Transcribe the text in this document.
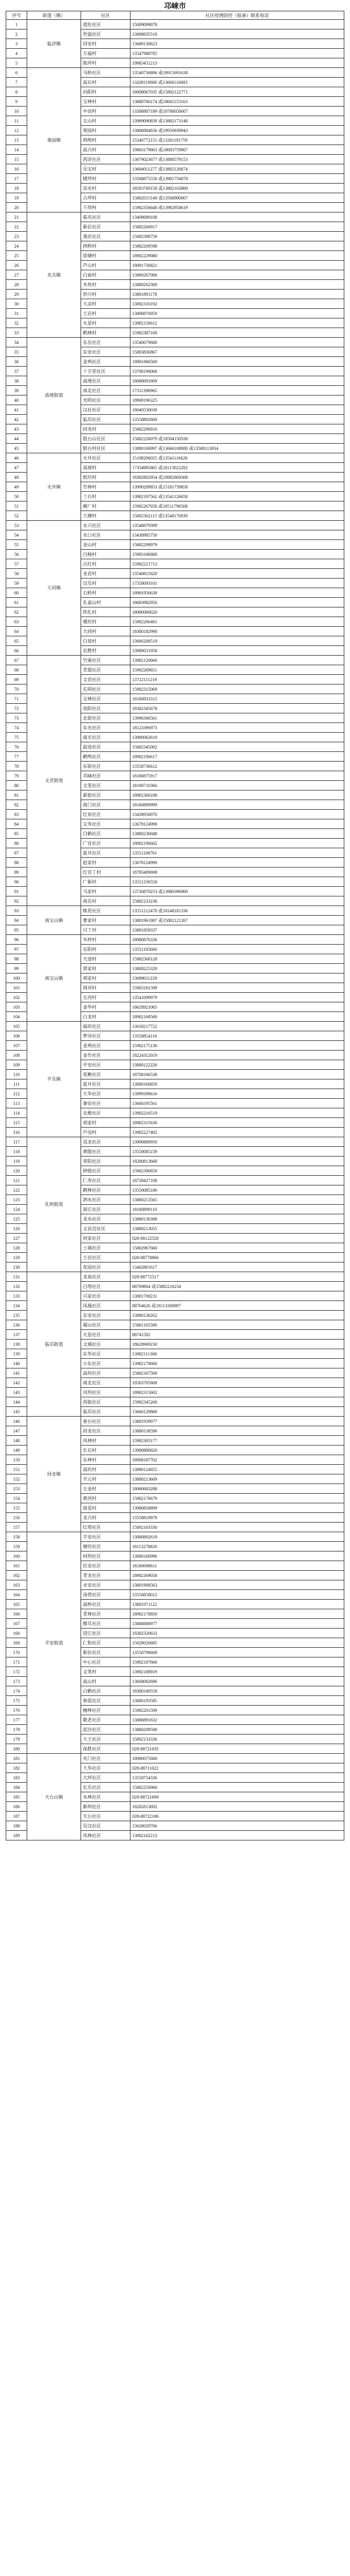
邛崃市
序号	街道（镇）	社区	社区疫情防控（报备）联系电话
1	临济镇	道佐社区	15009099878
2		世温社区	13688835518
3		回安村	13689130623
4		万福村	13547988785
5		陈坪村	19983451213
6	桑园镇	马桥社区	13540736896 或19915691638
7		高石村	13208119000 或13666116003
8		向阳村	18008067035 或15882122771
9		宝林村	13880760174 或18681153163
10		中田村	13388807189 或18780050007
11		太山村	13989090839 或13882173148
12		果园村	13880884836 或19950939943
13		鸡鸣村	15340772151 或13281181759
14		高兴村	19883179863 或18683759867
15		西浒社区	13679023677 或13880579153
16		乐宝村	13684011277 或13882126874
17		楼坪村	13568875558 或13981756878
18		凉水村	18583769158 或13882103869
19		古坪村	15882015148 或13568900007
20		干坝村	15982356648 或13982958619
21	夹关镇	临夹社区	13408689108
22		新民社区	15882266917
23		龚店社区	15982398759
24		拱桥村	15882209598
25		徐塘村	18982229080
26		芦山村	18981736821
27		白庙村	13880267006
28		木鱼村	13880262369
29		洪川村	13881891178
30		大凉村	13882316192
31		王店村	13890876959
32		火星村	13982156612
33		鹤林村	15982387168
34	高埂街道	东岳社区	13540679680
35		东安社区	15883836867
36		金鸡社区	18981866569
37		十方堂社区	13708190068
38		高埂社区	18088091809
39		南北社区	17311396965
40		光明社区	18908196325
41		汉社社区	18040530039
42		临邛社区	13558802800
43		回龙村	15882296916
44		银台山社区	15882226079 或18584150338
45		银台村社区	13880106997 或13666108888 或13588113934
46	火井镇	火井社区	15198206025 或13541116620
47		高坡村	17354985865 或18113022282
48		纸坊村	18382802954 或18982869368
49		竹林村	13990289853 或15181739858
50		兰石村	13982197562 或13541126658
51		碗厂村	15982267658 或18511796568
52		大塘村	15882362115 或13548170939
53	大同镇	永兴社区	13548879399
54		水口社区	13438905750
55		金山村	15882298979
56		白杨村	15983186888
57		古红村	15982221713
58		龙君村	13540815629
59		汉乐村	17358093101
60		石桥村	18981956639
61		孔雀山村	18683982950
62		铁扎村	18980066620
63		堰坎村	15982266481
64		大同村	18380182990
65		白泉村	13666208519
66		农胜村	13989031958
67	文君街道	竹溪社区	13982120666
68		青霞社区	15982269651
69		文君社区	13722111219
70		孔明社区	15982315069
71		宝林社区	18180833315
72		泉阳社区	18382345678
73		北街社区	13996386561
74		东光社区	18123396973
75		南光社区	13980062619
76		前进社区	15882345082
77		鹤鸣社区	18982196617
78		东街社区	13558736612
79		邛崃社区	18180875917
80		文笔社区	18190710366
81		新街社区	18982366108
82		南门社区	18180889999
83		红泉社区	13438956970
84		宝寿社区	13678124998
85		白鹤社区	13880230688
86		广宜社区	18982196682
87		盐井社区	13551106761
88		赵家村	13678124998
89		红官丁村	18783489698
90		广新村	13551236558
91		马家村	13730870253 或13980396969
92		南岳村	15882133238
93	南宝山镇	桃花社区	13551212478 或18148181336
94		曹家村	13881961987 或15882121267
95		川丁村	13881858337
96	南宝山镇	木梓村	18980876336
97		东阳村	13551185660
98		天池村	15982568128
99		贾家村	13808225329
100		胡家村	13689011229
101		周河村	15983181599
102		五河村	13541099979
103		金华村	18628921065
104		白龙村	18982168569
105	平乐镇	福田社区	13018217722
106		梦河社区	13558854116
107		金鸡社区	15982175136
108		金竹社区	18224312019
109		平安社区	13880122226
110		花楸社区	18708166538
111		盐井社区	13880160859
112		大华社区	13999399616
113		秦安社区	13668195561
114		北极社区	13982216519
115		胡家村	18982315636
116		芦沟村	13982227402
117	孔明街道	双龙社区	13990889950
118		黄陵社区	13550085159
119		晋阳社区	18280813668
120		钟鼓社区	15982396859
121		仁寿社区	18728427108
122		鹤林社区	13550085186
123		泗水社区	13880213565
124		洞丘社区	18180899110
125		龙水社区	13880130398
126		文昌宫社区	13880213055
127		何家社区	028-88122520
128		土城社区	15882967660
129		王店社区	028-88778866
130		花园社区	13402861617
131	临邛街道	龙泉社区	028-88772517
132		白塔社区	88709864 或15882216234
133		兴家社区	13881708231
134		凤凰社区	88764626 或18113200997
135		东安社区	13880130262
136		蜀山社区	15881165580
137		天星社区	88741582
138		文城社区	18628969230
139		东华社区	13982111368
140		小东社区	13982178666
141		高何社区	15882167568
142		南北社区	18583705608
143		河坝社区	18982315602
144		西街社区	15982345268
145		临邛社区	13666129880
146	回龙镇	春台社区	13881939977
147		回龙社区	13880138596
148		凤林村	15982305177
149		长石村	13980880620
150		东林村	18908187702
151		高坎村	13880124655
152		开元村	13880213609
153		五金村	18980683288
154		黄河村	15982176679
155		南星村	13980858899
156		龙兴村	13558819979
157		红塔社区	15892103330
158	羊安街道	羊安社区	13880892619
159		塘坊社区	18113278820
160		何坝社区	13880160996
161		民安社区	18180698611
162		青龙社区	18982169058
163		永安社区	13881908563
164		汤营社区	13558858012
165		高桥社区	13881971122
166		青林社区	18982178856
167		擦耳社区	13880886977
168		迎江社区	18382320633
169		仁和社区	15828026685
170		新民社区	13558798608
171		中心社区	15982187660
172		文笔村	13982188919
173		高山村	13668082696
174		白鹤社区	18380180558
175		春雷社区	13880193585
176		楠林社区	15982201599
177		敬老社区	13880891632
178		泥沙社区	13880209598
179		大王社区	15892133336
180		保胜社区	028-88721035
181	天台山镇	夹门社区	18980075668
182		大华社区	028-88711022
183		大坪社区	13558754336
184		长乐社区	15982256960
185		永林社区	028-88721669
186		新坝社区	18282813692
187		天台社区	028-88722186
188		吴汉社区	13628029766
189		凤林社区	13882162213
